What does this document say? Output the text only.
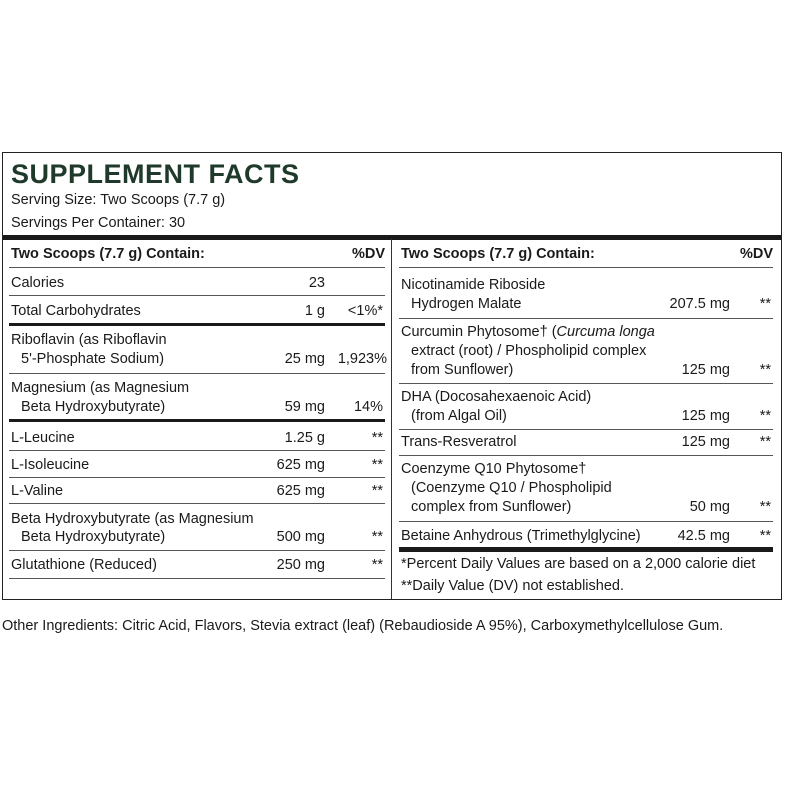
SUPPLEMENT FACTS
Serving Size: Two Scoops (7.7 g)
Servings Per Container: 30
Two Scoops (7.7 g) Contain:	%DV
Calories	23
Total Carbohydrates	1 g <1%*
Riboflavin (as Riboflavin
5'-Phosphate Sodium)	25 mg 1,923%
Magnesium (as Magnesium
Beta Hydroxybutyrate)	59 mg 14%
L-Leucine	1.25 g	**
L-Isoleucine	625 mg	**
L-Valine	625 mg	**
Beta Hydroxybutyrate (as Magnesium
Beta Hydroxybutyrate)	500 mg	**
Glutathione (Reduced)	250 mg	**
Two Scoops (7.7 g) Contain:	%DV
Nicotinamide Riboside
Hydrogen Malate	207.5 mg **
Curcumin Phytosome† (Curcuma longa
extract (root) / Phospholipid complex
from Sunflower)	125 mg **
DHA (Docosahexaenoic Acid)
(from Algal Oil)	125 mg **
Trans-Resveratrol	125 mg **
Coenzyme Q10 Phytosome†
(Coenzyme Q10 / Phospholipid
complex from Sunflower)	50 mg **
Betaine Anhydrous (Trimethylglycine)	42.5 mg **
*Percent Daily Values are based on a 2,000 calorie diet
**Daily Value (DV) not established.
Other Ingredients: Citric Acid, Flavors, Stevia extract (leaf) (Rebaudioside A 95%), Carboxymethylcellulose Gum.
